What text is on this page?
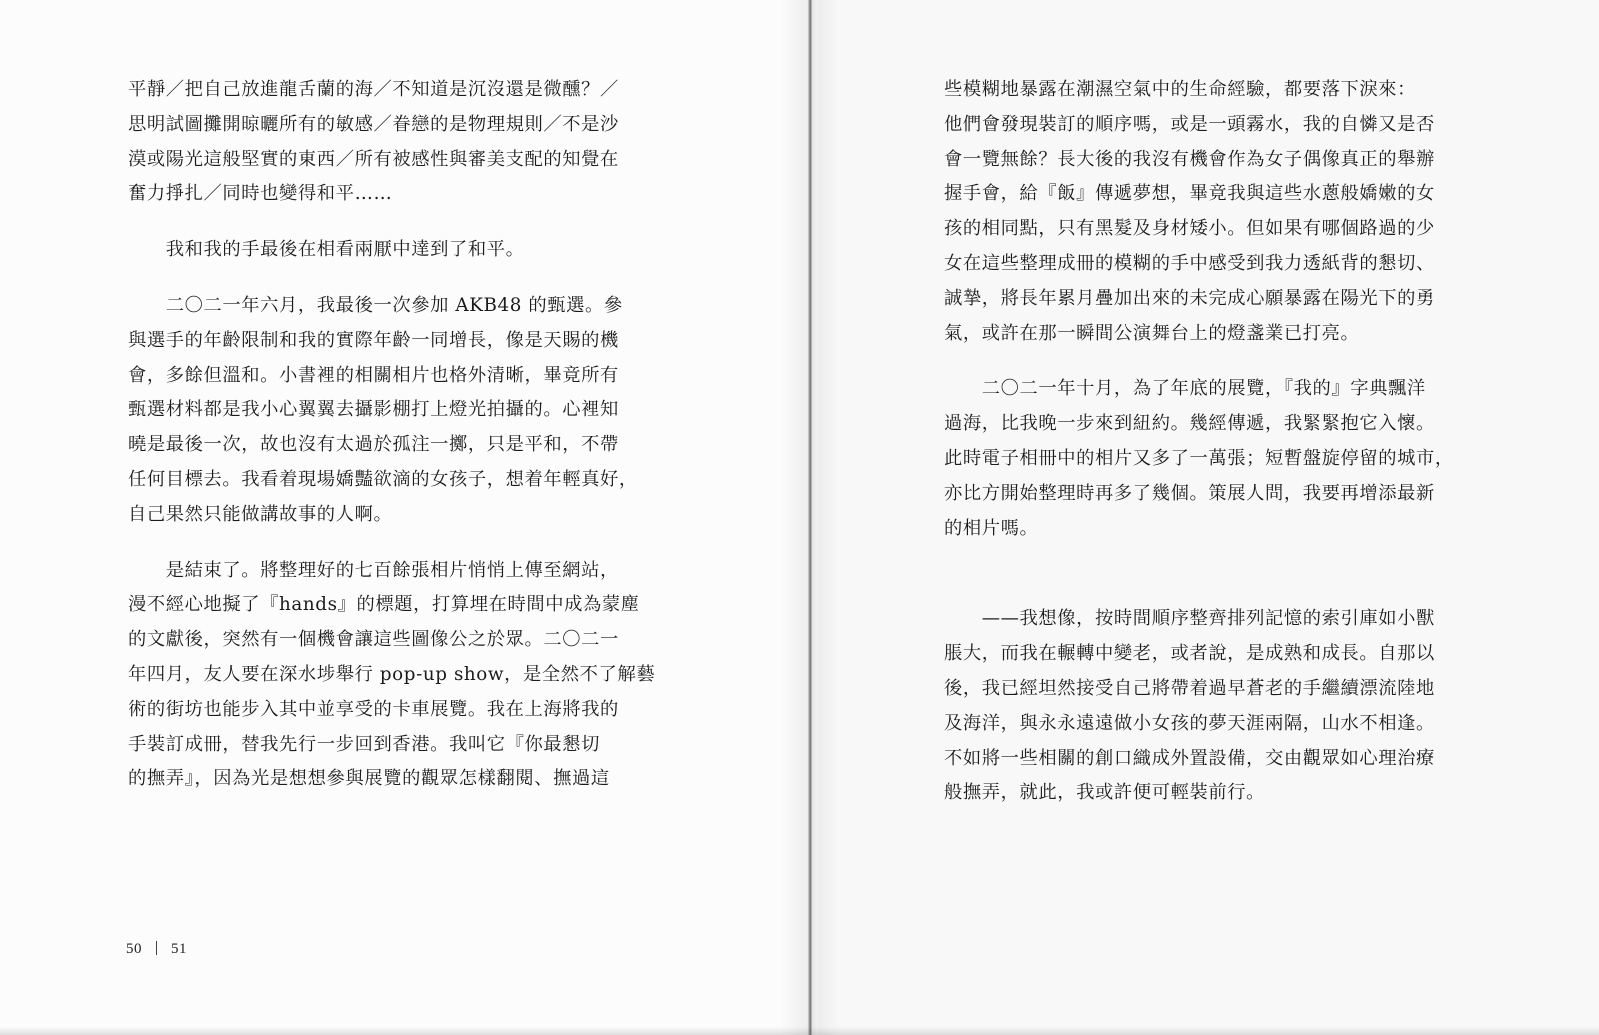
平靜／把自己放進龍舌蘭的海／不知道是沉沒還是微醺？／
思明試圖攤開晾曬所有的敏感／眷戀的是物理規則／不是沙
漠或陽光這般堅實的東西／所有被感性與審美支配的知覺在
奮力掙扎／同時也變得和平……
　　我和我的手最後在相看兩厭中達到了和平。
　　二〇二一年六月，我最後一次參加 AKB48 的甄選。參
與選手的年齡限制和我的實際年齡一同增長，像是天賜的機
會，多餘但溫和。小書裡的相關相片也格外清晰，畢竟所有
甄選材料都是我小心翼翼去攝影棚打上燈光拍攝的。心裡知
曉是最後一次，故也沒有太過於孤注一擲，只是平和，不帶
任何目標去。我看着現場嬌豔欲滴的女孩子，想着年輕真好，
自己果然只能做講故事的人啊。
　　是結束了。將整理好的七百餘張相片悄悄上傳至網站，
漫不經心地擬了『hands』的標題，打算埋在時間中成為蒙塵
的文獻後，突然有一個機會讓這些圖像公之於眾。二〇二一
年四月，友人要在深水埗舉行 pop-up show，是全然不了解藝
術的街坊也能步入其中並享受的卡車展覽。我在上海將我的
手裝訂成冊，替我先行一步回到香港。我叫它『你最懇切
的撫弄』，因為光是想想參與展覽的觀眾怎樣翻閱、撫過這
50 51
些模糊地暴露在潮濕空氣中的生命經驗，都要落下淚來：
他們會發現裝訂的順序嗎，或是一頭霧水，我的自憐又是否
會一覽無餘？長大後的我沒有機會作為女子偶像真正的舉辦
握手會，給『飯』傳遞夢想，畢竟我與這些水蔥般嬌嫩的女
孩的相同點，只有黑髮及身材矮小。但如果有哪個路過的少
女在這些整理成冊的模糊的手中感受到我力透紙背的懇切、
誠摯，將長年累月疊加出來的未完成心願暴露在陽光下的勇
氣，或許在那一瞬間公演舞台上的燈盞業已打亮。
　　二〇二一年十月，為了年底的展覽，『我的』字典飄洋
過海，比我晚一步來到紐約。幾經傳遞，我緊緊抱它入懷。
此時電子相冊中的相片又多了一萬張；短暫盤旋停留的城市，
亦比方開始整理時再多了幾個。策展人問，我要再增添最新
的相片嗎。
　　——我想像，按時間順序整齊排列記憶的索引庫如小獸
脹大，而我在輾轉中變老，或者說，是成熟和成長。自那以
後，我已經坦然接受自己將帶着過早蒼老的手繼續漂流陸地
及海洋，與永永遠遠做小女孩的夢天涯兩隔，山水不相逢。
不如將一些相關的創口織成外置設備，交由觀眾如心理治療
般撫弄，就此，我或許便可輕裝前行。
